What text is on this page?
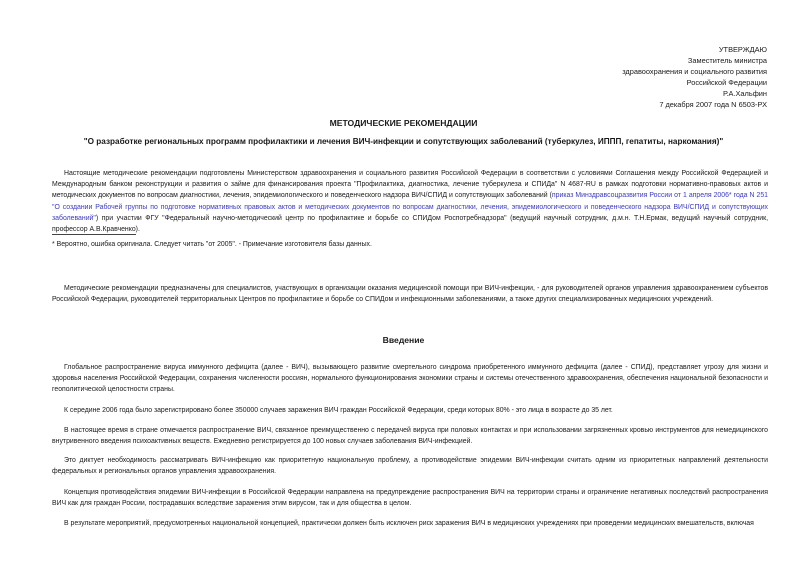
УТВЕРЖДАЮ
Заместитель министра
здравоохранения и социального развития
Российской Федерации
Р.А.Хальфин
7 декабря 2007 года N 6503-РХ
МЕТОДИЧЕСКИЕ РЕКОМЕНДАЦИИ
"О разработке региональных программ профилактики и лечения ВИЧ-инфекции и сопутствующих заболеваний (туберкулез, ИППП, гепатиты, наркомания)"
Настоящие методические рекомендации подготовлены Министерством здравоохранения и социального развития Российской Федерации в соответствии с условиями Соглашения между Российской Федерацией и Международным банком реконструкции и развития о займе для финансирования проекта "Профилактика, диагностика, лечение туберкулеза и СПИДа" N 4687-RU в рамках подготовки нормативно-правовых актов и методических документов по вопросам диагностики, лечения, эпидемиологического и поведенческого надзора ВИЧ/СПИД и сопутствующих заболеваний (приказ Минздравсоцразвития России от 1 апреля 2006* года N 251 "О создании Рабочей группы по подготовке нормативных правовых актов и методических документов по вопросам диагностики, лечения, эпидемиологического и поведенческого надзора ВИЧ/СПИД и сопутствующих заболеваний") при участии ФГУ "Федеральный научно-методический центр по профилактике и борьбе со СПИДом Роспотребнадзора" (ведущий научный сотрудник, д.м.н. Т.Н.Ермак, ведущий научный сотрудник, профессор А.В.Кравченко).
* Вероятно, ошибка оригинала. Следует читать "от 2005". - Примечание изготовителя базы данных.
Методические рекомендации предназначены для специалистов, участвующих в организации оказания медицинской помощи при ВИЧ-инфекции, - для руководителей органов управления здравоохранением субъектов Российской Федерации, руководителей территориальных Центров по профилактике и борьбе со СПИДом и инфекционными заболеваниями, а также других специализированных медицинских учреждений.
Введение
Глобальное распространение вируса иммунного дефицита (далее - ВИЧ), вызывающего развитие смертельного синдрома приобретенного иммунного дефицита (далее - СПИД), представляет угрозу для жизни и здоровья населения Российской Федерации, сохранения численности россиян, нормального функционирования экономики страны и системы отечественного здравоохранения, обеспечения национальной безопасности и геополитической целостности страны.
К середине 2006 года было зарегистрировано более 350000 случаев заражения ВИЧ граждан Российской Федерации, среди которых 80% - это лица в возрасте до 35 лет.
В настоящее время в стране отмечается распространение ВИЧ, связанное преимущественно с передачей вируса при половых контактах и при использовании загрязненных кровью инструментов для немедицинского внутривенного введения психоактивных веществ. Ежедневно регистрируется до 100 новых случаев заболевания ВИЧ-инфекцией.
Это диктует необходимость рассматривать ВИЧ-инфекцию как приоритетную национальную проблему, а противодействие эпидемии ВИЧ-инфекции считать одним из приоритетных направлений деятельности федеральных и региональных органов управления здравоохранения.
Концепция противодействия эпидемии ВИЧ-инфекции в Российской Федерации направлена на предупреждение распространения ВИЧ на территории страны и ограничение негативных последствий распространения ВИЧ как для граждан России, пострадавших вследствие заражения этим вирусом, так и для общества в целом.
В результате мероприятий, предусмотренных национальной концепцией, практически должен быть исключен риск заражения ВИЧ в медицинских учреждениях при проведении медицинских вмешательств, включая
